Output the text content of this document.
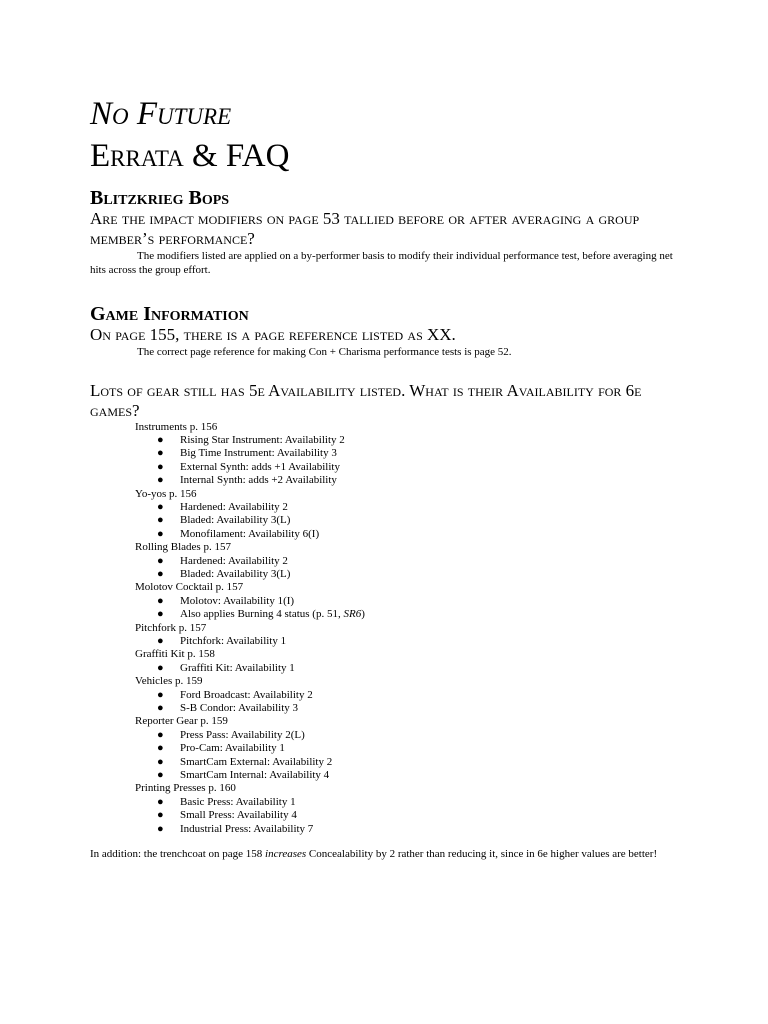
No Future
Errata & FAQ
Blitzkrieg Bops

Are the impact modifiers on page 53 tallied before or after averaging a group member’s performance?

The modifiers listed are applied on a by-performer basis to modify their individual performance test, before averaging net hits across the group effort.

Game Information

On page 155, there is a page reference listed as XX.

The correct page reference for making Con + Charisma performance tests is page 52.

Lots of gear still has 5e Availability listed. What is their Availability for 6e games?

Instruments p. 156

● Rising Star Instrument: Availability 2
● Big Time Instrument: Availability 3
● External Synth: adds +1 Availability
● Internal Synth: adds +2 Availability

Yo-yos p. 156

● Hardened: Availability 2
● Bladed: Availability 3(L)
● Monofilament: Availability 6(I)

Rolling Blades p. 157

● Hardened: Availability 2
● Bladed: Availability 3(L)

Molotov Cocktail p. 157

● Molotov: Availability 1(I)
● Also applies Burning 4 status (p. 51, SR6)

Pitchfork p. 157

● Pitchfork: Availability 1

Graffiti Kit p. 158

● Graffiti Kit: Availability 1

Vehicles p. 159

● Ford Broadcast: Availability 2
● S-B Condor: Availability 3

Reporter Gear p. 159

● Press Pass: Availability 2(L)
● Pro-Cam: Availability 1
● SmartCam External: Availability 2
● SmartCam Internal: Availability 4

Printing Presses p. 160

● Basic Press: Availability 1
● Small Press: Availability 4
● Industrial Press: Availability 7

In addition: the trenchcoat on page 158 increases Concealability by 2 rather than reducing it, since in 6e higher values are better!
